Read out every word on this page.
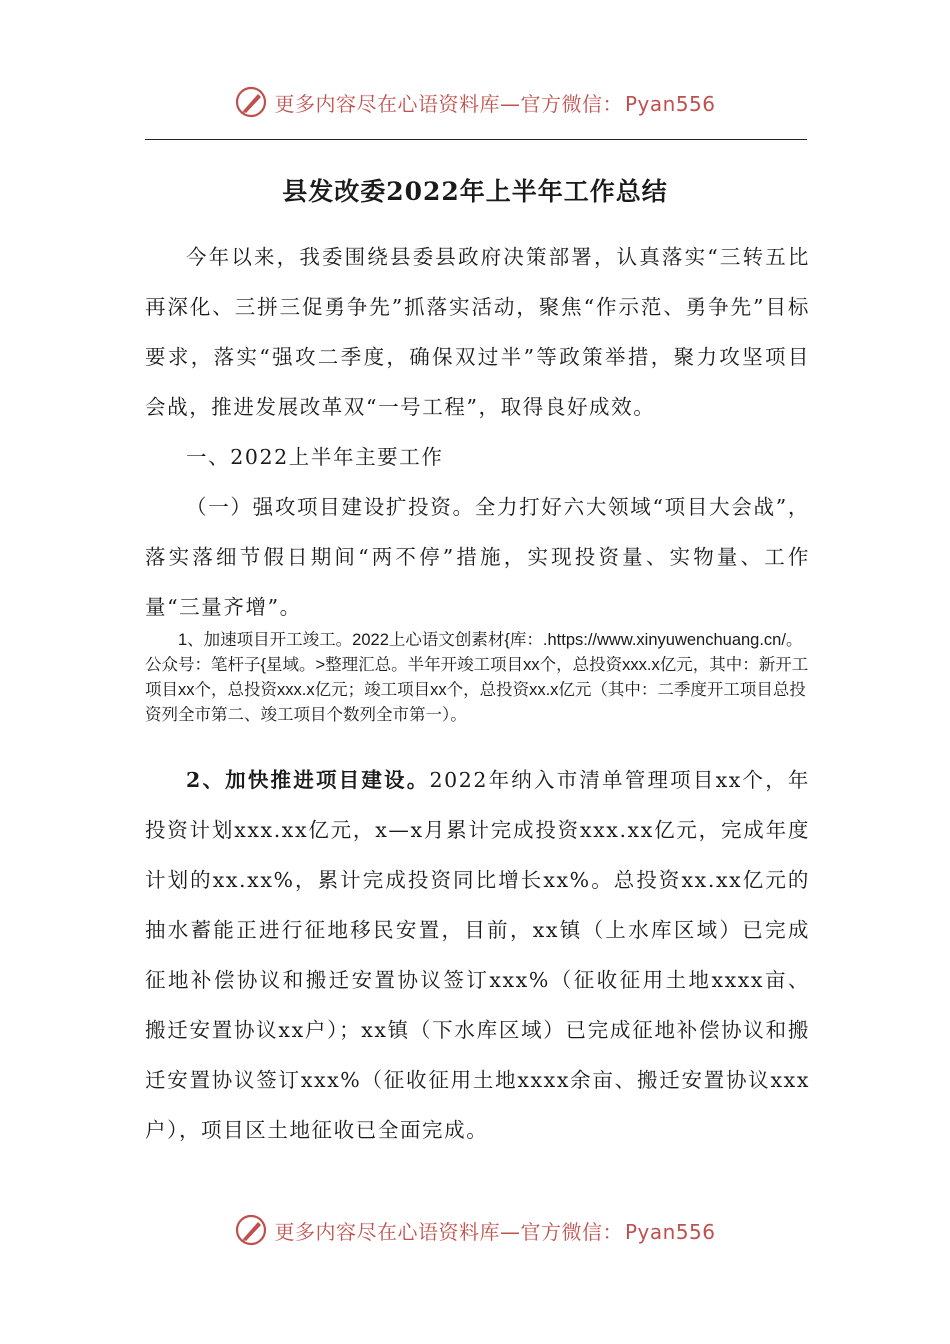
更多内容尽在心语资料库—官方微信： Pyan556
县发改委2022年上半年工作总结

今年以来，我委围绕县委县政府决策部署，认真落实“三转五比再深化、三拼三促勇争先”抓落实活动，聚焦“作示范、勇争先”目标要求，落实“强攻二季度，确保双过半”等政策举措，聚力攻坚项目会战，推进发展改革双“一号工程”，取得良好成效。

一、2022上半年主要工作

（一）强攻项目建设扩投资。全力打好六大领域“项目大会战”，落实落细节假日期间“两不停”措施，实现投资量、实物量、工作量“三量齐增”。

1、加速项目开工竣工。2022上心语文创素材{库：.https://www.xinyuwenchuang.cn/。公众号：笔杆子{星域。>整理汇总。半年开竣工项目xx个，总投资xxx.x亿元，其中：新开工项目xx个，总投资xxx.x亿元；竣工项目xx个，总投资xx.x亿元（其中：二季度开工项目总投资列全市第二、竣工项目个数列全市第一）。

2、加快推进项目建设。2022年纳入市清单管理项目xx个，年投资计划xxx.xx亿元，x—x月累计完成投资xxx.xx亿元，完成年度计划的xx.xx%，累计完成投资同比增长xx%。总投资xx.xx亿元的抽水蓄能正进行征地移民安置，目前，xx镇（上水库区域）已完成征地补偿协议和搬迁安置协议签订xxx%（征收征用土地xxxx亩、搬迁安置协议xx户）；xx镇（下水库区域）已完成征地补偿协议和搬迁安置协议签订xxx%（征收征用土地xxxx余亩、搬迁安置协议xxx户），项目区土地征收已全面完成。

更多内容尽在心语资料库—官方微信： Pyan556
